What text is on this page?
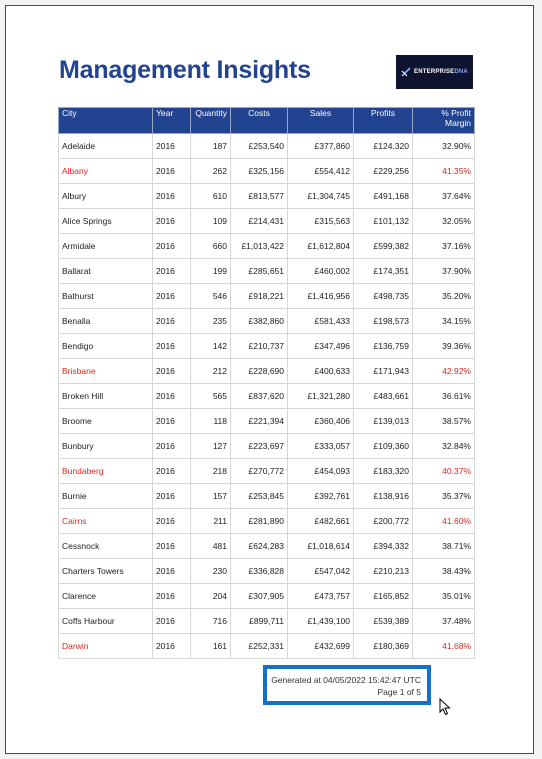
Management Insights	ENTERPRISEDNA
City	Year	Quantity	Costs	Sales	Profits	% Profit Margin
Adelaide	2016	187	£253,540	£377,860	£124,320	32.90%
Albany	2016	262	£325,156	£554,412	£229,256	41.35%
Albury	2016	610	£813,577	£1,304,745	£491,168	37.64%
Alice Springs	2016	109	£214,431	£315,563	£101,132	32.05%
Armidale	2016	660	£1,013,422	£1,612,804	£599,382	37.16%
Ballarat	2016	199	£285,651	£460,002	£174,351	37.90%
Bathurst	2016	546	£918,221	£1,416,956	£498,735	35.20%
Benalla	2016	235	£382,860	£581,433	£198,573	34.15%
Bendigo	2016	142	£210,737	£347,496	£136,759	39.36%
Brisbane	2016	212	£228,690	£400,633	£171,943	42.92%
Broken Hill	2016	565	£837,620	£1,321,280	£483,661	36.61%
Broome	2016	118	£221,394	£360,406	£139,013	38.57%
Bunbury	2016	127	£223,697	£333,057	£109,360	32.84%
Bundaberg	2016	218	£270,772	£454,093	£183,320	40.37%
Burnie	2016	157	£253,845	£392,761	£138,916	35.37%
Cairns	2016	211	£281,890	£482,661	£200,772	41.60%
Cessnock	2016	481	£624,283	£1,018,614	£394,332	38.71%
Charters Towers	2016	230	£336,828	£547,042	£210,213	38.43%
Clarence	2016	204	£307,905	£473,757	£165,852	35.01%
Coffs Harbour	2016	716	£899,711	£1,439,100	£539,389	37.48%
Darwin	2016	161	£252,331	£432,699	£180,369	41.68%
Generated at 04/05/2022 15:42:47 UTC
Page 1 of 5
